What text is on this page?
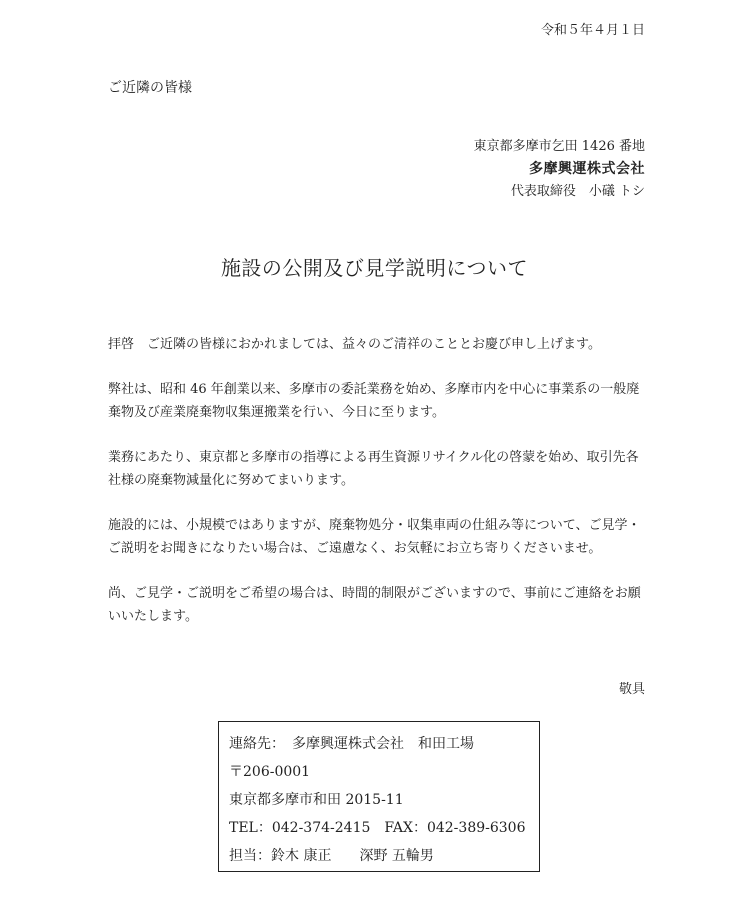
令和５年４月１日
ご近隣の皆様
東京都多摩市乞田 1426 番地
多摩興運株式会社
代表取締役　小礒 トシ
施設の公開及び見学説明について
拝啓　ご近隣の皆様におかれましては、益々のご清祥のこととお慶び申し上げます。
弊社は、昭和 46 年創業以来、多摩市の委託業務を始め、多摩市内を中心に事業系の一般廃
棄物及び産業廃棄物収集運搬業を行い、今日に至ります。
業務にあたり、東京都と多摩市の指導による再生資源リサイクル化の啓蒙を始め、取引先各
社様の廃棄物減量化に努めてまいります。
施設的には、小規模ではありますが、廃棄物処分・収集車両の仕組み等について、ご見学・
ご説明をお聞きになりたい場合は、ご遠慮なく、お気軽にお立ち寄りくださいませ。
尚、ご見学・ご説明をご希望の場合は、時間的制限がございますので、事前にご連絡をお願
いいたします。
敬具
連絡先：　多摩興運株式会社　和田工場
〒206-0001
東京都多摩市和田 2015-11
TEL：042-374-2415　FAX：042-389-6306
担当：鈴木 康正　　深野 五輪男
